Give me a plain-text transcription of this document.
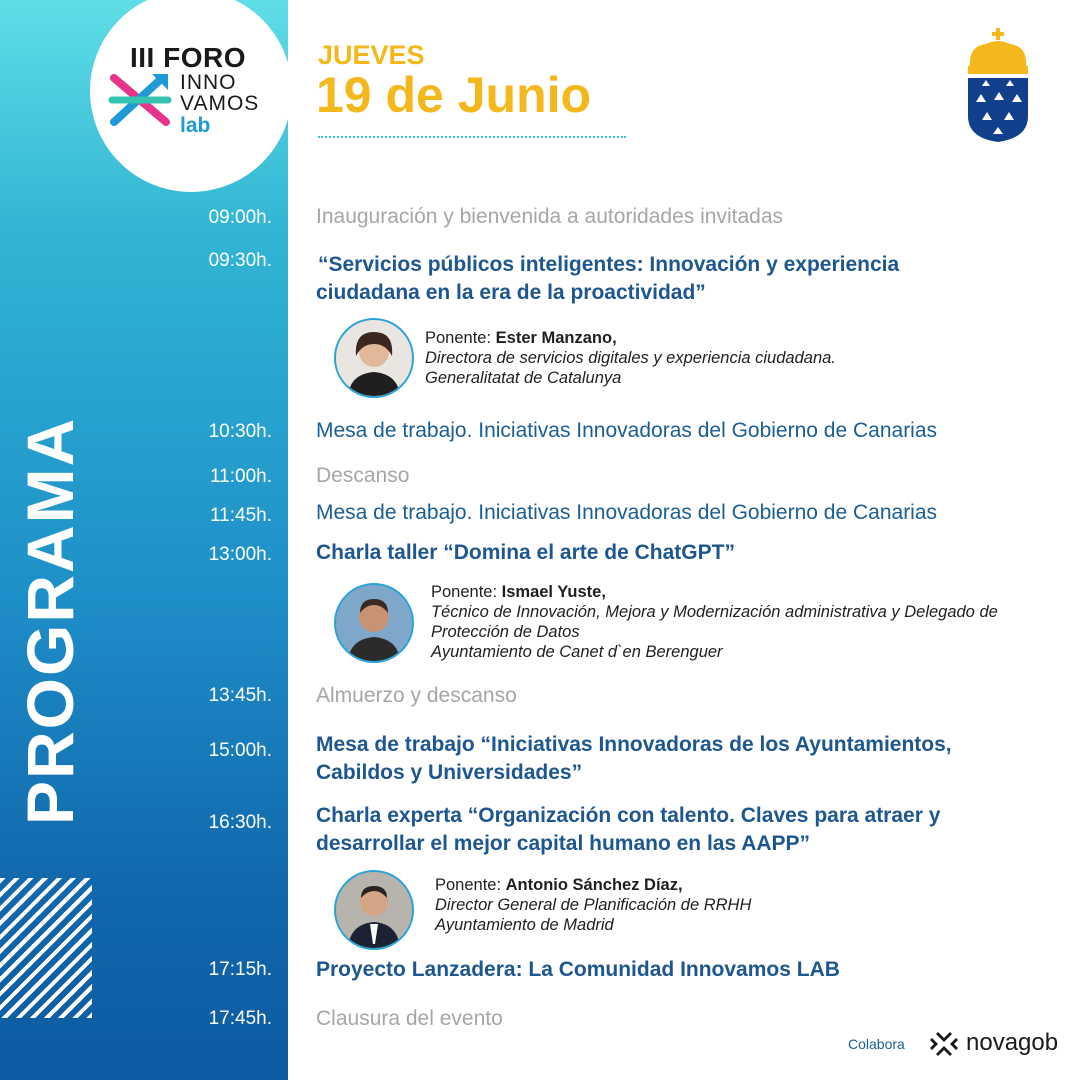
III FORO
INNO
VAMOS
lab
PROGRAMA
JUEVES
19 de Junio
09:00h. Inauguración y bienvenida a autoridades invitadas
09:30h. “Servicios públicos inteligentes: Innovación y experiencia
ciudadana en la era de la proactividad”
Ponente: Ester Manzano,
Directora de servicios digitales y experiencia ciudadana.
Generalitatat de Catalunya
10:30h. Mesa de trabajo. Iniciativas Innovadoras del Gobierno de Canarias
11:00h. Descanso
11:45h. Mesa de trabajo. Iniciativas Innovadoras del Gobierno de Canarias
13:00h. Charla taller “Domina el arte de ChatGPT”
Ponente: Ismael Yuste,
Técnico de Innovación, Mejora y Modernización administrativa y Delegado de
Protección de Datos
Ayuntamiento de Canet d`en Berenguer
13:45h. Almuerzo y descanso
15:00h. Mesa de trabajo “Iniciativas Innovadoras de los Ayuntamientos,
Cabildos y Universidades”
16:30h. Charla experta “Organización con talento. Claves para atraer y
desarrollar el mejor capital humano en las AAPP”
Ponente: Antonio Sánchez Díaz,
Director General de Planificación de RRHH
Ayuntamiento de Madrid
17:15h. Proyecto Lanzadera: La Comunidad Innovamos LAB
17:45h. Clausura del evento
Colabora	novagob
